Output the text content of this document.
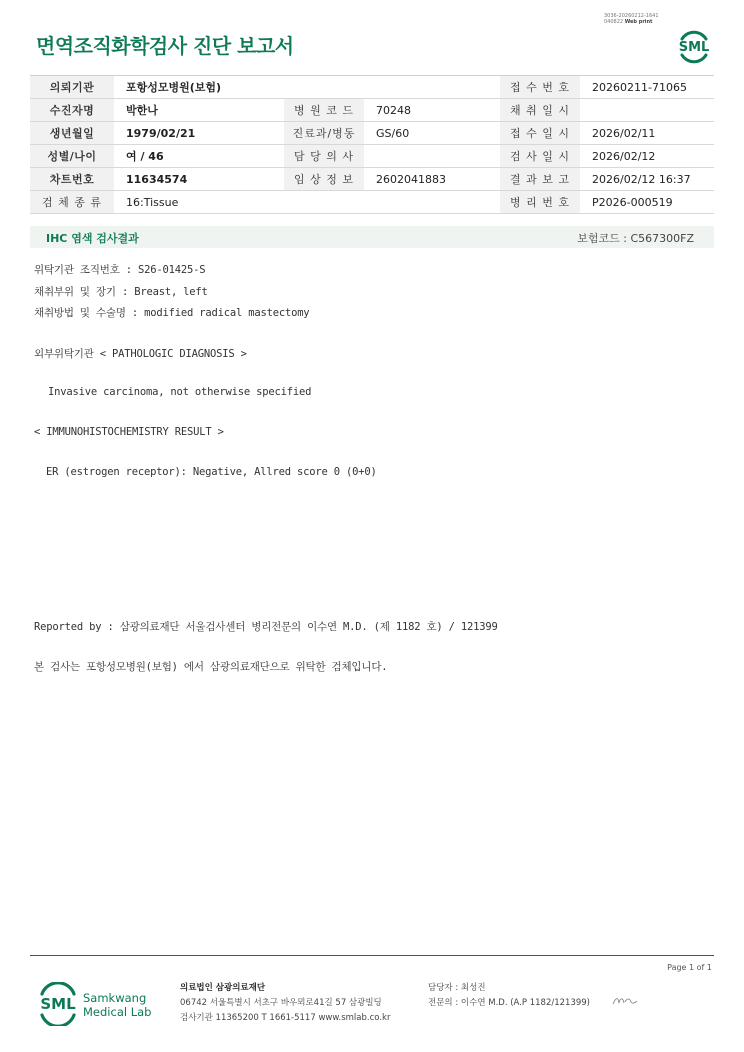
3036-20260212-1641
040822 Web print
면역조직화학검사 진단 보고서	SML
의뢰기관	포항성모병원(보험)			접 수 번 호	20260211-71065
수진자명	박한나	병 원 코 드	70248	채 취 일 시	
생년월일	1979/02/21	진료과/병동	GS/60	접 수 일 시	2026/02/11
성별/나이	여 / 46	담 당 의 사		검 사 일 시	2026/02/12
차트번호	11634574	임 상 정 보	2602041883	결 과 보 고	2026/02/12 16:37
검 체 종 류	16:Tissue			병 리 번 호	P2026-000519
IHC 염색 검사결과	보험코드 : C567300FZ
위탁기관 조직번호 : S26-01425-S
채취부위 및 장기 : Breast, left
채취방법 및 수술명 : modified radical mastectomy
외부위탁기관 < PATHOLOGIC DIAGNOSIS >
Invasive carcinoma, not otherwise specified
< IMMUNOHISTOCHEMISTRY RESULT >
ER (estrogen receptor): Negative, Allred score 0 (0+0)
Reported by : 삼광의료재단 서울검사센터 병리전문의 이수연 M.D. (제 1182 호) / 121399
본 검사는 포항성모병원(보험) 에서 삼광의료재단으로 위탁한 검체입니다.
Page 1 of 1
SML Samkwang
Medical Lab
의료법인 삼광의료재단
06742 서울특별시 서초구 바우뫼로41길 57 삼광빌딩
검사기관 11365200 T 1661-5117 www.smlab.co.kr
담당자 : 최성진
전문의 : 이수연 M.D. (A.P 1182/121399)
